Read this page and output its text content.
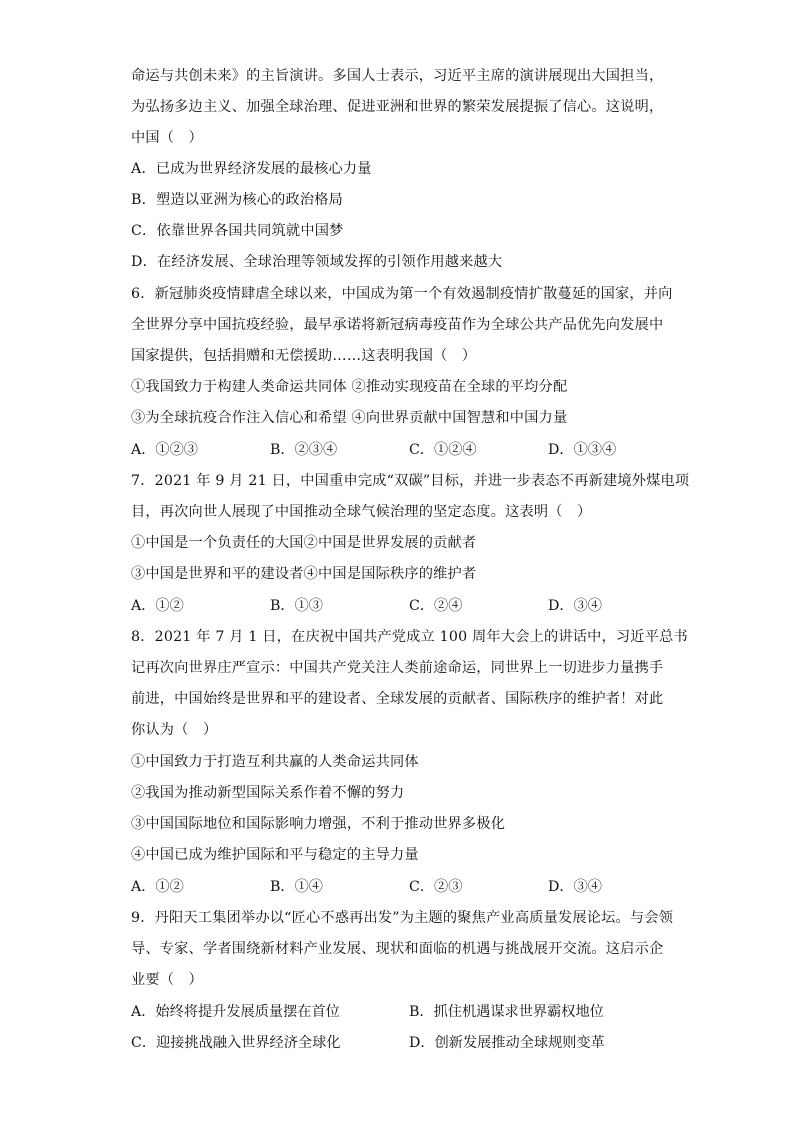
命运与共创未来》的主旨演讲。多国人士表示，习近平主席的演讲展现出大国担当，
为弘扬多边主义、加强全球治理、促进亚洲和世界的繁荣发展提振了信心。这说明，
中国（　）
A．已成为世界经济发展的最核心力量
B．塑造以亚洲为核心的政治格局
C．依靠世界各国共同筑就中国梦
D．在经济发展、全球治理等领域发挥的引领作用越来越大
6．新冠肺炎疫情肆虐全球以来，中国成为第一个有效遏制疫情扩散蔓延的国家，并向
全世界分享中国抗疫经验，最早承诺将新冠病毒疫苗作为全球公共产品优先向发展中
国家提供，包括捐赠和无偿援助……这表明我国（　）
①我国致力于构建人类命运共同体 ②推动实现疫苗在全球的平均分配
③为全球抗疫合作注入信心和希望 ④向世界贡献中国智慧和中国力量
A．①②③	B．②③④	C．①②④	D．①③④
7．2021 年 9 月 21 日，中国重申完成“双碳”目标，并进一步表态不再新建境外煤电项
目，再次向世人展现了中国推动全球气候治理的坚定态度。这表明（　）
①中国是一个负责任的大国②中国是世界发展的贡献者
③中国是世界和平的建设者④中国是国际秩序的维护者
A．①②	B．①③	C．②④	D．③④
8．2021 年 7 月 1 日，在庆祝中国共产党成立 100 周年大会上的讲话中，习近平总书
记再次向世界庄严宣示：中国共产党关注人类前途命运，同世界上一切进步力量携手
前进，中国始终是世界和平的建设者、全球发展的贡献者、国际秩序的维护者！对此
你认为（　）
①中国致力于打造互利共赢的人类命运共同体
②我国为推动新型国际关系作着不懈的努力
③中国国际地位和国际影响力增强，不利于推动世界多极化
④中国已成为维护国际和平与稳定的主导力量
A．①②	B．①④	C．②③	D．③④
9．丹阳天工集团举办以“匠心不惑再出发”为主题的聚焦产业高质量发展论坛。与会领
导、专家、学者围绕新材料产业发展、现状和面临的机遇与挑战展开交流。这启示企
业要（　）
A．始终将提升发展质量摆在首位	B．抓住机遇谋求世界霸权地位
C．迎接挑战融入世界经济全球化	D．创新发展推动全球规则变革
